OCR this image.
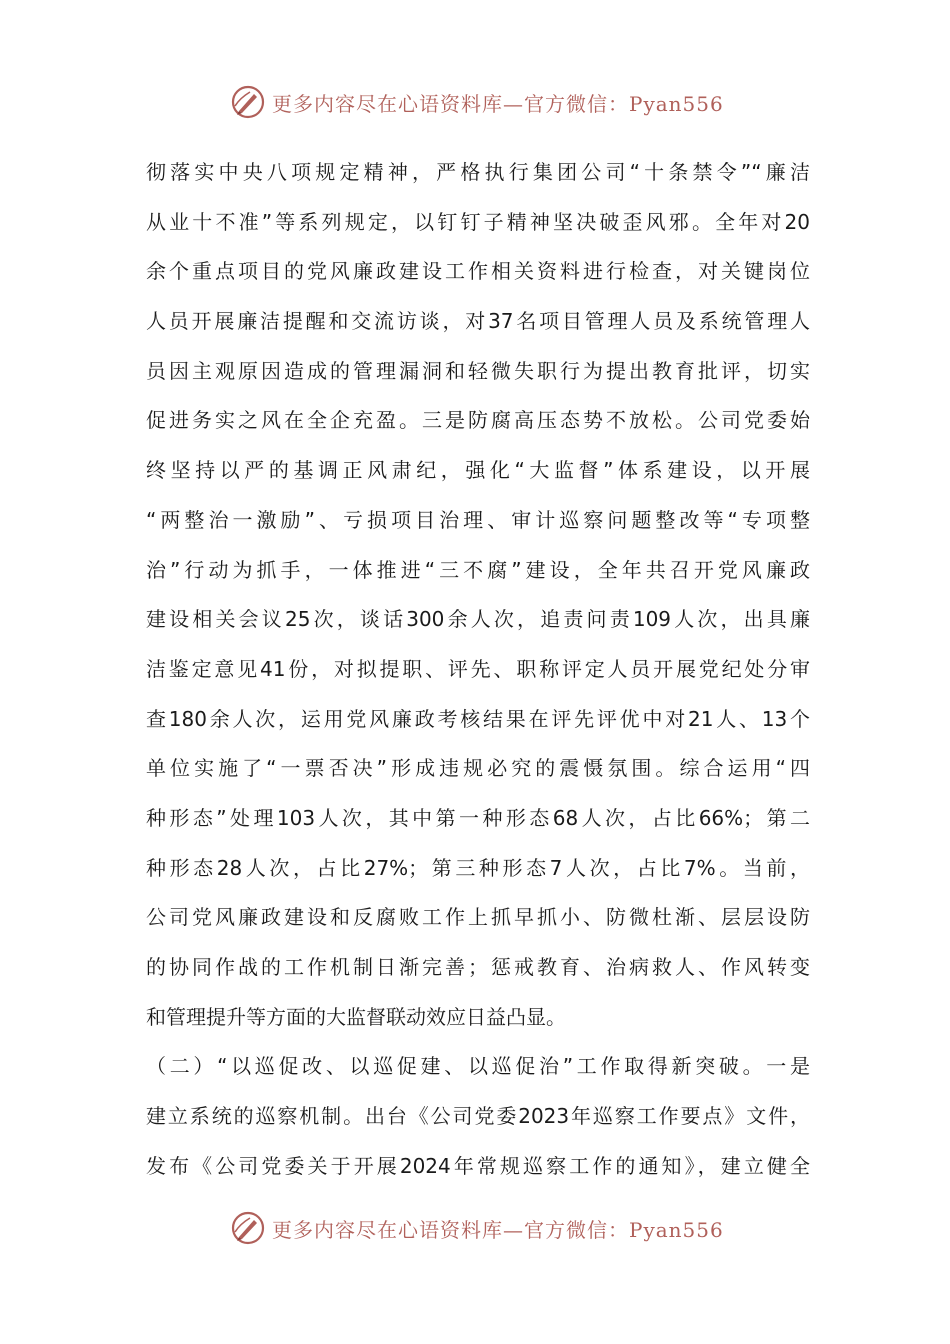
更多内容尽在心语资料库—官方微信：Pyan556
彻落实中央八项规定精神，严格执行集团公司“十条禁令”“廉洁
从业十不准”等系列规定，以钉钉子精神坚决破歪风邪。全年对20
余个重点项目的党风廉政建设工作相关资料进行检查，对关键岗位
人员开展廉洁提醒和交流访谈，对37名项目管理人员及系统管理人
员因主观原因造成的管理漏洞和轻微失职行为提出教育批评，切实
促进务实之风在全企充盈。三是防腐高压态势不放松。公司党委始
终坚持以严的基调正风肃纪，强化“大监督”体系建设，以开展
“两整治一激励”、亏损项目治理、审计巡察问题整改等“专项整
治”行动为抓手，一体推进“三不腐”建设，全年共召开党风廉政
建设相关会议25次，谈话300余人次，追责问责109人次，出具廉
洁鉴定意见41份，对拟提职、评先、职称评定人员开展党纪处分审
查180余人次，运用党风廉政考核结果在评先评优中对21人、13个
单位实施了“一票否决”形成违规必究的震慑氛围。综合运用“四
种形态”处理103人次，其中第一种形态68人次，占比66%；第二
种形态28人次，占比27%；第三种形态7人次，占比7%。当前，
公司党风廉政建设和反腐败工作上抓早抓小、防微杜渐、层层设防
的协同作战的工作机制日渐完善；惩戒教育、治病救人、作风转变
和管理提升等方面的大监督联动效应日益凸显。
（二）“以巡促改、以巡促建、以巡促治”工作取得新突破。一是
建立系统的巡察机制。出台《公司党委2023年巡察工作要点》文件，
发布《公司党委关于开展2024年常规巡察工作的通知》，建立健全
更多内容尽在心语资料库—官方微信：Pyan556
